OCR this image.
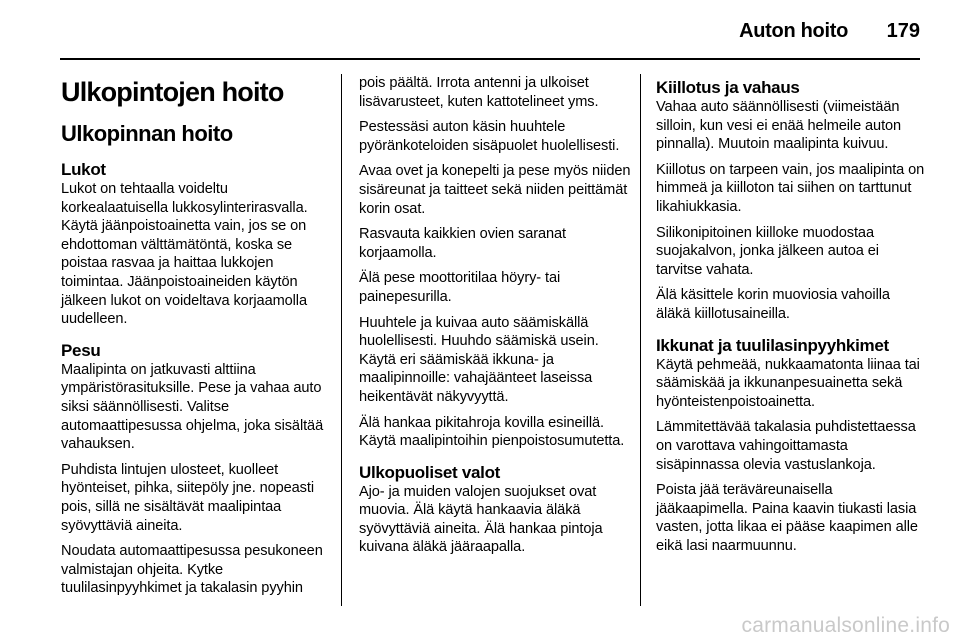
Auton hoito 179
Ulkopintojen hoito
Ulkopinnan hoito
Lukot

Lukot on tehtaalla voideltu korkealaatuisella lukkosylinterirasvalla. Käytä jäänpoistoainetta vain, jos se on ehdottoman välttämätöntä, koska se poistaa rasvaa ja haittaa lukkojen toimintaa. Jäänpoistoaineiden käytön jälkeen lukot on voideltava korjaamolla uudelleen.

Pesu

Maalipinta on jatkuvasti alttiina ympäristörasituksille. Pese ja vahaa auto siksi säännöllisesti. Valitse automaattipesussa ohjelma, joka sisältää vahauksen.

Puhdista lintujen ulosteet, kuolleet hyönteiset, pihka, siitepöly jne. nopeasti pois, sillä ne sisältävät maalipintaa syövyttäviä aineita.

Noudata automaattipesussa pesukoneen valmistajan ohjeita. Kytke tuulilasinpyyhkimet ja takalasin pyyhin

pois päältä. Irrota antenni ja ulkoiset lisävarusteet, kuten kattotelineet yms.

Pestessäsi auton käsin huuhtele pyöränkoteloiden sisäpuolet huolellisesti.

Avaa ovet ja konepelti ja pese myös niiden sisäreunat ja taitteet sekä niiden peittämät korin osat.

Rasvauta kaikkien ovien saranat korjaamolla.

Älä pese moottoritilaa höyry- tai painepesurilla.

Huuhtele ja kuivaa auto säämiskällä huolellisesti. Huuhdo säämiskä usein. Käytä eri säämiskää ikkuna- ja maalipinnoille: vahajäänteet laseissa heikentävät näkyvyyttä.

Älä hankaa pikitahroja kovilla esineillä. Käytä maalipintoihin pienpoistosumutetta.

Ulkopuoliset valot

Ajo- ja muiden valojen suojukset ovat muovia. Älä käytä hankaavia äläkä syövyttäviä aineita. Älä hankaa pintoja kuivana äläkä jääraapalla.

Kiillotus ja vahaus

Vahaa auto säännöllisesti (viimeistään silloin, kun vesi ei enää helmeile auton pinnalla). Muutoin maalipinta kuivuu.

Kiillotus on tarpeen vain, jos maalipinta on himmeä ja kiilloton tai siihen on tarttunut likahiukkasia.

Silikonipitoinen kiilloke muodostaa suojakalvon, jonka jälkeen autoa ei tarvitse vahata.

Älä käsittele korin muoviosia vahoilla äläkä kiillotusaineilla.

Ikkunat ja tuulilasinpyyhkimet

Käytä pehmeää, nukkaamatonta liinaa tai säämiskää ja ikkunanpesuainetta sekä hyönteistenpoistoainetta.

Lämmitettävää takalasia puhdistettaessa on varottava vahingoittamasta sisäpinnassa olevia vastuslankoja.

Poista jää teräväreunaisella jääkaapimella. Paina kaavin tiukasti lasia vasten, jotta likaa ei pääse kaapimen alle eikä lasi naarmuunnu.

carmanualsonline.info
